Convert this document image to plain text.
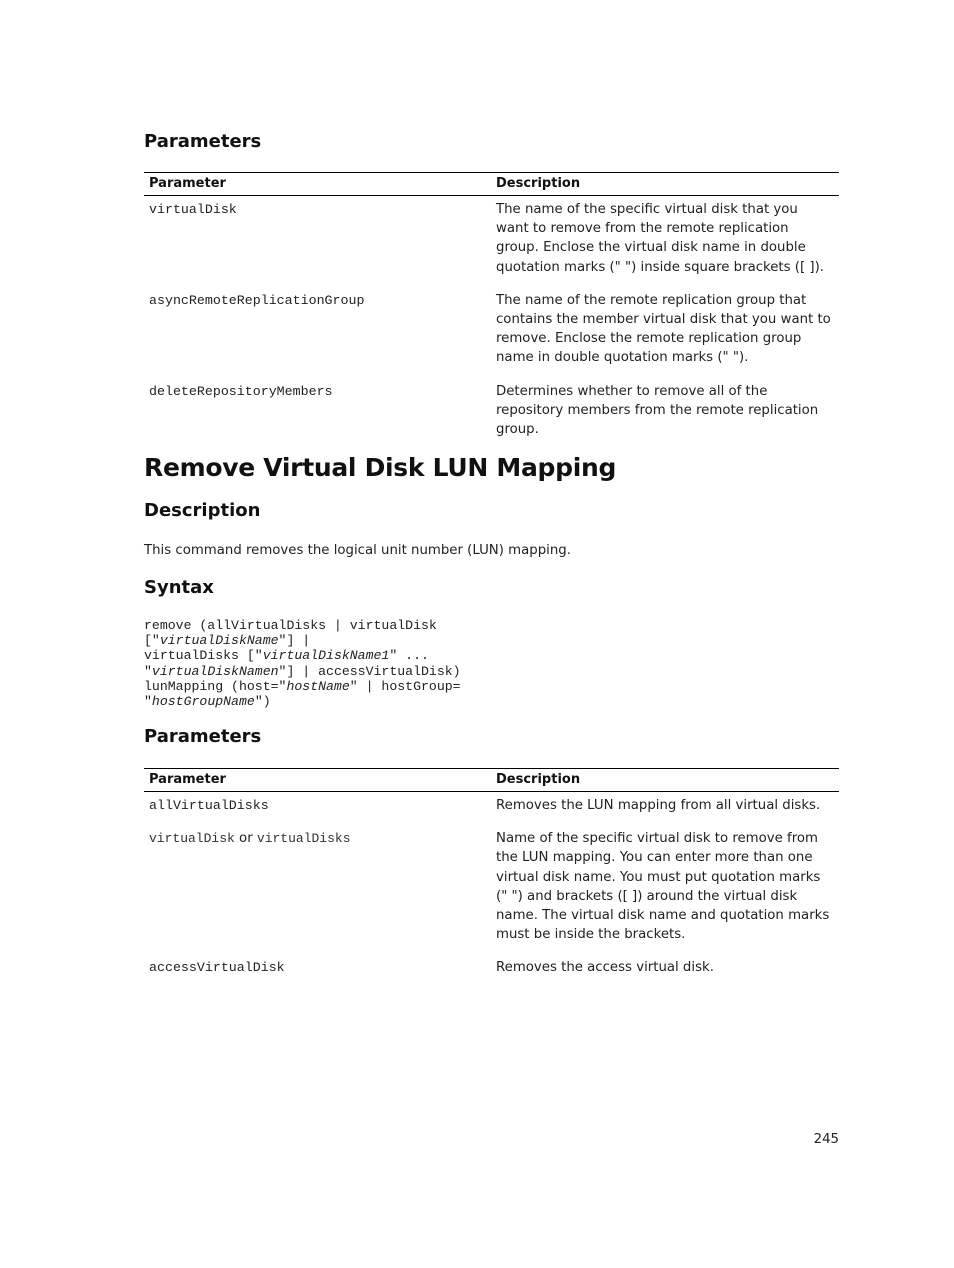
Parameters
Parameter	Description
virtualDisk	The name of the specific virtual disk that you want to remove from the remote replication group. Enclose the virtual disk name in double quotation marks (" ") inside square brackets ([ ]).
asyncRemoteReplicationGroup	The name of the remote replication group that contains the member virtual disk that you want to remove. Enclose the remote replication group name in double quotation marks (" ").
deleteRepositoryMembers	Determines whether to remove all of the repository members from the remote replication group.
Remove Virtual Disk LUN Mapping
Description
This command removes the logical unit number (LUN) mapping.
Syntax
remove (allVirtualDisks | virtualDisk
["virtualDiskName"] |
virtualDisks ["virtualDiskName1" ...
"virtualDiskNamen"] | accessVirtualDisk)
lunMapping (host="hostName" | hostGroup=
"hostGroupName")
Parameters
Parameter	Description
allVirtualDisks	Removes the LUN mapping from all virtual disks.
virtualDisk or virtualDisks	Name of the specific virtual disk to remove from the LUN mapping. You can enter more than one virtual disk name. You must put quotation marks (" ") and brackets ([ ]) around the virtual disk name. The virtual disk name and quotation marks must be inside the brackets.
accessVirtualDisk	Removes the access virtual disk.
245
